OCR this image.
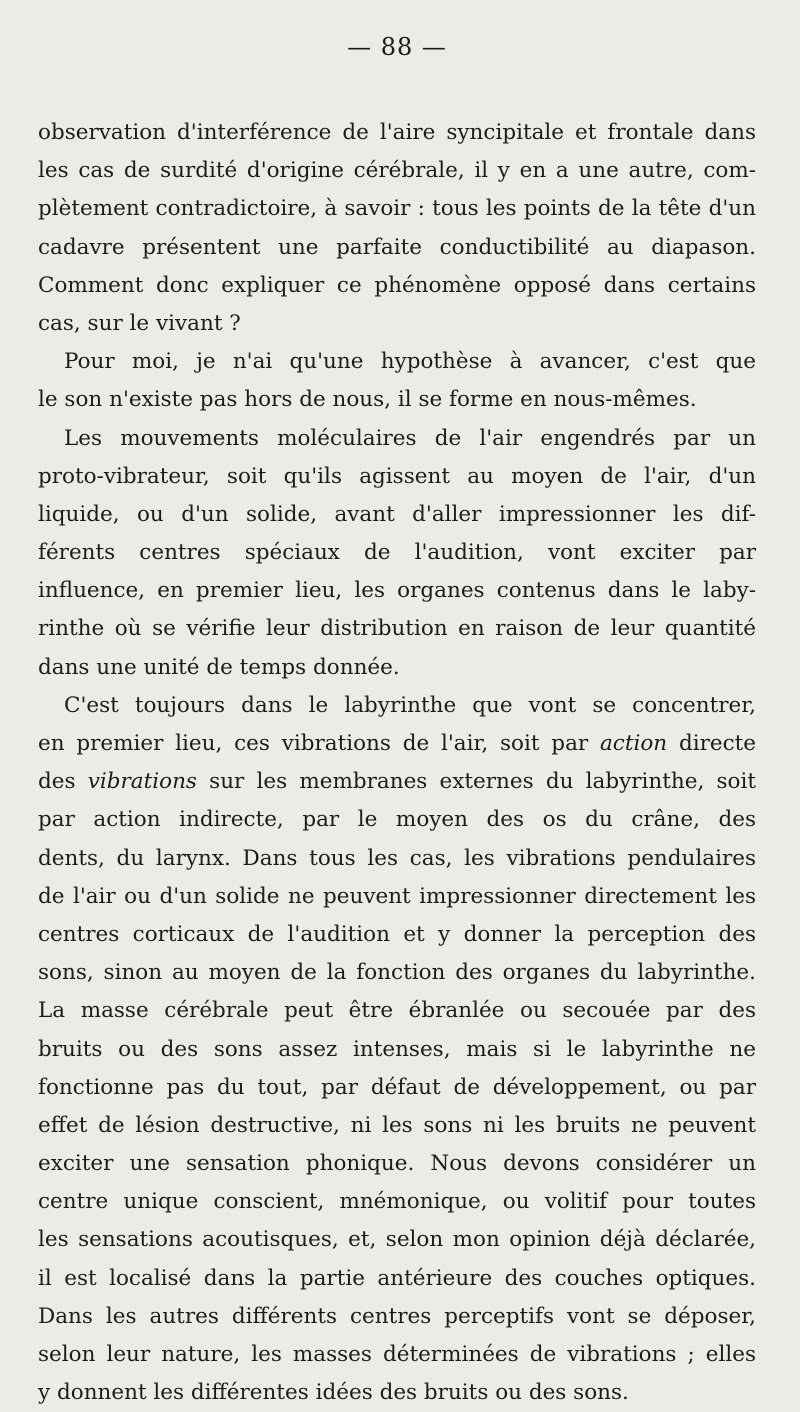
— 88 —
observation d'interférence de l'aire syncipitale et frontale dans
les cas de surdité d'origine cérébrale, il y en a une autre, com-
plètement contradictoire, à savoir : tous les points de la tête d'un
cadavre présentent une parfaite conductibilité au diapason.
Comment donc expliquer ce phénomène opposé dans certains
cas, sur le vivant ?
Pour moi, je n'ai qu'une hypothèse à avancer, c'est que
le son n'existe pas hors de nous, il se forme en nous-mêmes.
Les mouvements moléculaires de l'air engendrés par un
proto-vibrateur, soit qu'ils agissent au moyen de l'air, d'un
liquide, ou d'un solide, avant d'aller impressionner les dif-
férents centres spéciaux de l'audition, vont exciter par
influence, en premier lieu, les organes contenus dans le laby-
rinthe où se vérifie leur distribution en raison de leur quantité
dans une unité de temps donnée.
C'est toujours dans le labyrinthe que vont se concentrer,
en premier lieu, ces vibrations de l'air, soit par action directe
des vibrations sur les membranes externes du labyrinthe, soit
par action indirecte, par le moyen des os du crâne, des
dents, du larynx. Dans tous les cas, les vibrations pendulaires
de l'air ou d'un solide ne peuvent impressionner directement les
centres corticaux de l'audition et y donner la perception des
sons, sinon au moyen de la fonction des organes du labyrinthe.
La masse cérébrale peut être ébranlée ou secouée par des
bruits ou des sons assez intenses, mais si le labyrinthe ne
fonctionne pas du tout, par défaut de développement, ou par
effet de lésion destructive, ni les sons ni les bruits ne peuvent
exciter une sensation phonique. Nous devons considérer un
centre unique conscient, mnémonique, ou volitif pour toutes
les sensations acoutisques, et, selon mon opinion déjà déclarée,
il est localisé dans la partie antérieure des couches optiques.
Dans les autres différents centres perceptifs vont se déposer,
selon leur nature, les masses déterminées de vibrations ; elles
y donnent les différentes idées des bruits ou des sons.
